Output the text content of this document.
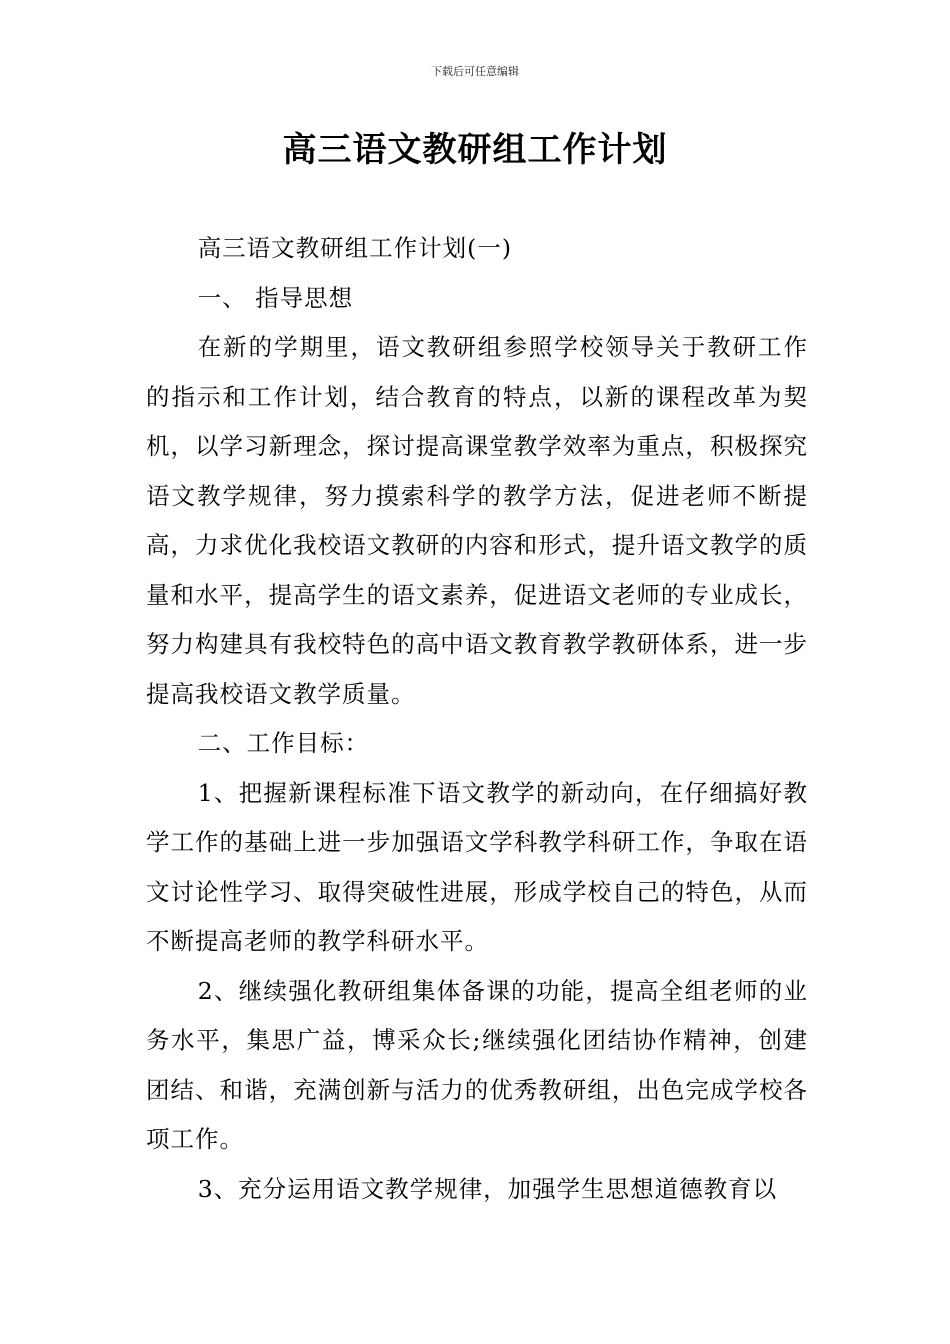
下载后可任意编辑
高三语文教研组工作计划

高三语文教研组工作计划(一)

一、 指导思想

在新的学期里，语文教研组参照学校领导关于教研工作的指示和工作计划，结合教育的特点，以新的课程改革为契机，以学习新理念，探讨提高课堂教学效率为重点，积极探究语文教学规律，努力摸索科学的教学方法，促进老师不断提高，力求优化我校语文教研的内容和形式，提升语文教学的质量和水平，提高学生的语文素养，促进语文老师的专业成长，努力构建具有我校特色的高中语文教育教学教研体系，进一步提高我校语文教学质量。

二、工作目标：

1、把握新课程标准下语文教学的新动向，在仔细搞好教学工作的基础上进一步加强语文学科教学科研工作，争取在语文讨论性学习、取得突破性进展，形成学校自己的特色，从而不断提高老师的教学科研水平。

2、继续强化教研组集体备课的功能，提高全组老师的业务水平，集思广益，博采众长;继续强化团结协作精神，创建团结、和谐，充满创新与活力的优秀教研组，出色完成学校各项工作。

3、充分运用语文教学规律，加强学生思想道德教育以
